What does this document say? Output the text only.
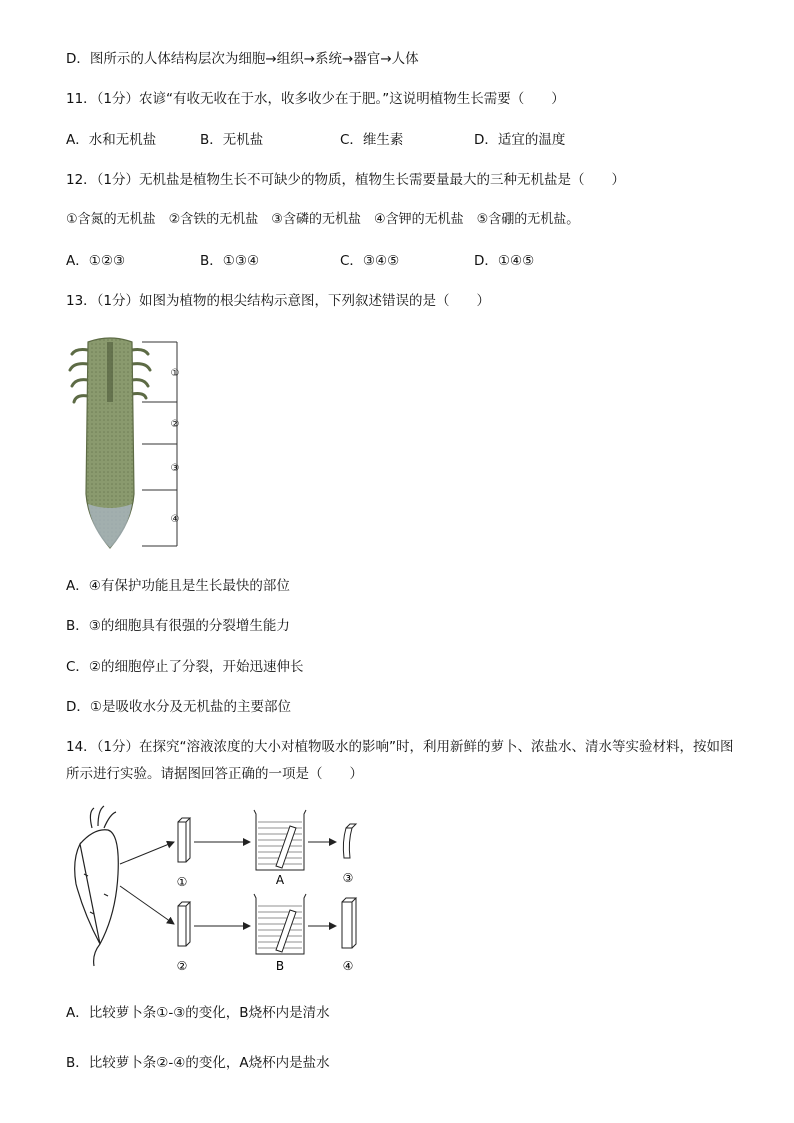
D．图所示的人体结构层次为细胞→组织→系统→器官→人体
11．（1分）农谚“有收无收在于水，收多收少在于肥。”这说明植物生长需要（　　）
A．水和无机盐	B．无机盐	C．维生素	D．适宜的温度
12．（1分）无机盐是植物生长不可缺少的物质，植物生长需要量最大的三种无机盐是（　　）
①含氮的无机盐　②含铁的无机盐　③含磷的无机盐　④含钾的无机盐　⑤含硼的无机盐。
A．①②③	B．①③④	C．③④⑤	D．①④⑤
13．（1分）如图为植物的根尖结构示意图，下列叙述错误的是（　　）
①
②
③
④
A．④有保护功能且是生长最快的部位
B．③的细胞具有很强的分裂增生能力
C．②的细胞停止了分裂，开始迅速伸长
D．①是吸收水分及无机盐的主要部位
14．（1分）在探究“溶液浓度的大小对植物吸水的影响”时，利用新鲜的萝卜、浓盐水、清水等实验材料，按如图
所示进行实验。请据图回答正确的一项是（　　）
①
②
A
B
③
④
A．比较萝卜条①-③的变化，B烧杯内是清水
B．比较萝卜条②-④的变化，A烧杯内是盐水
